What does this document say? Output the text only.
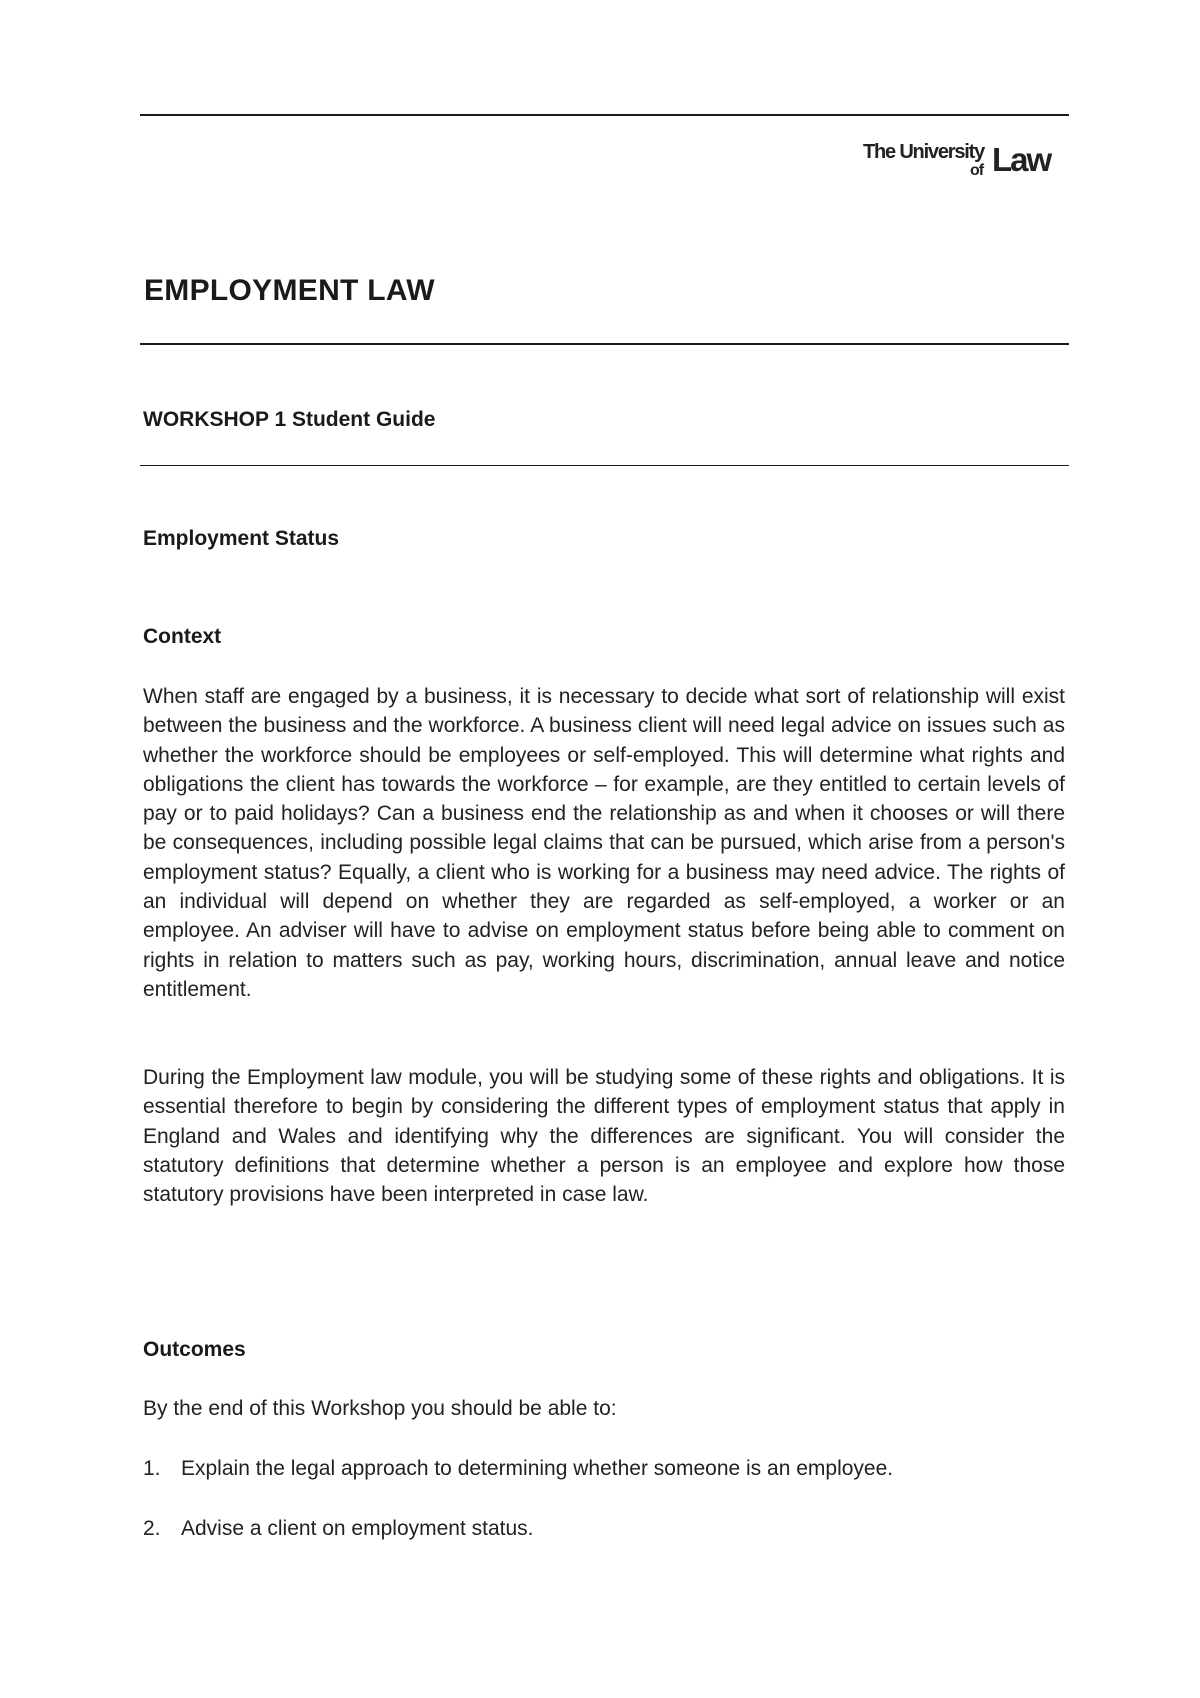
The University
of Law
EMPLOYMENT LAW
WORKSHOP 1 Student Guide
Employment Status
Context

When staff are engaged by a business, it is necessary to decide what sort of relationship will exist between the business and the workforce. A business client will need legal advice on issues such as whether the workforce should be employees or self-employed. This will determine what rights and obligations the client has towards the workforce – for example, are they entitled to certain levels of pay or to paid holidays? Can a business end the relationship as and when it chooses or will there be consequences, including possible legal claims that can be pursued, which arise from a person's employment status? Equally, a client who is working for a business may need advice. The rights of an individual will depend on whether they are regarded as self-employed, a worker or an employee. An adviser will have to advise on employment status before being able to comment on rights in relation to matters such as pay, working hours, discrimination, annual leave and notice entitlement.

During the Employment law module, you will be studying some of these rights and obligations. It is essential therefore to begin by considering the different types of employment status that apply in England and Wales and identifying why the differences are significant. You will consider the statutory definitions that determine whether a person is an employee and explore how those statutory provisions have been interpreted in case law.

Outcomes

By the end of this Workshop you should be able to:

1. Explain the legal approach to determining whether someone is an employee.

2. Advise a client on employment status.
